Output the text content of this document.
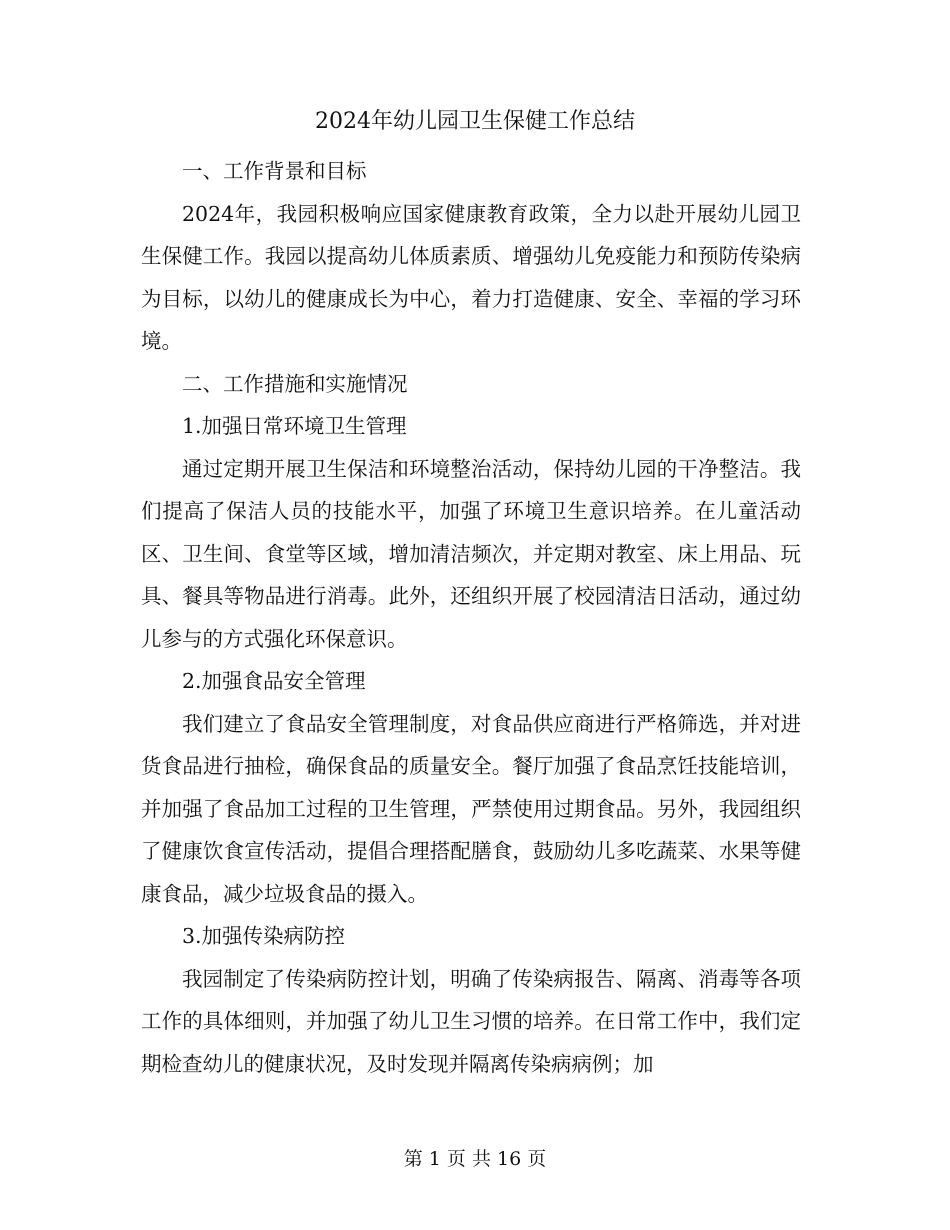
2024年幼儿园卫生保健工作总结

一、工作背景和目标

2024年，我园积极响应国家健康教育政策，全力以赴开展幼儿园卫生保健工作。我园以提高幼儿体质素质、增强幼儿免疫能力和预防传染病为目标，以幼儿的健康成长为中心，着力打造健康、安全、幸福的学习环境。

二、工作措施和实施情况

1.加强日常环境卫生管理

通过定期开展卫生保洁和环境整治活动，保持幼儿园的干净整洁。我们提高了保洁人员的技能水平，加强了环境卫生意识培养。在儿童活动区、卫生间、食堂等区域，增加清洁频次，并定期对教室、床上用品、玩具、餐具等物品进行消毒。此外，还组织开展了校园清洁日活动，通过幼儿参与的方式强化环保意识。

2.加强食品安全管理

我们建立了食品安全管理制度，对食品供应商进行严格筛选，并对进货食品进行抽检，确保食品的质量安全。餐厅加强了食品烹饪技能培训，并加强了食品加工过程的卫生管理，严禁使用过期食品。另外，我园组织了健康饮食宣传活动，提倡合理搭配膳食，鼓励幼儿多吃蔬菜、水果等健康食品，减少垃圾食品的摄入。

3.加强传染病防控

我园制定了传染病防控计划，明确了传染病报告、隔离、消毒等各项工作的具体细则，并加强了幼儿卫生习惯的培养。在日常工作中，我们定期检查幼儿的健康状况，及时发现并隔离传染病病例；加

第 1 页 共 16 页
